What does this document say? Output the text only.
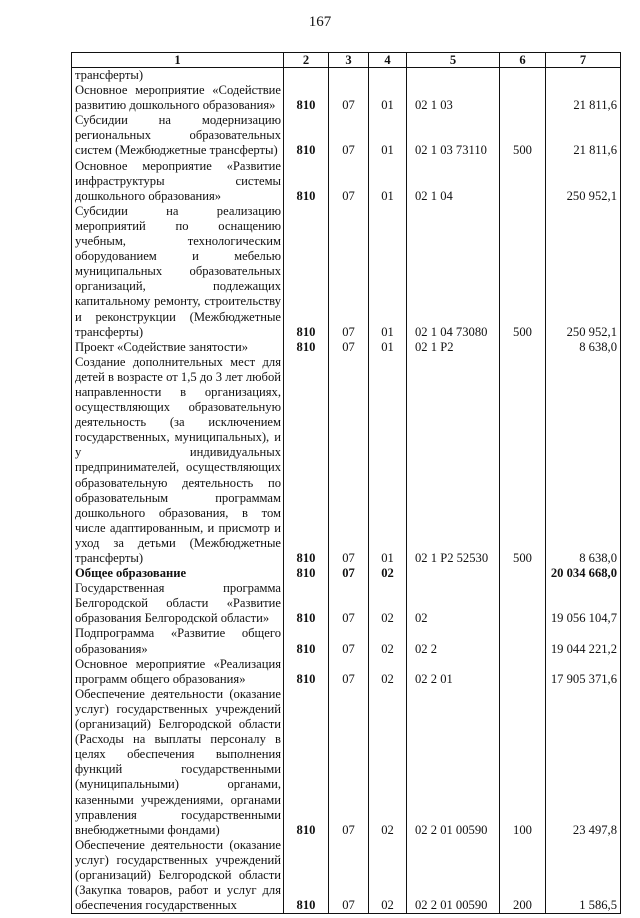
167
1	2	3	4	5	6	7
трансферты)						
Основное мероприятие «Содействие развитию дошкольного образования»	810	07	01	02 1 03		21 811,6
Субсидии на модернизацию региональных образовательных систем (Межбюджетные трансферты)	810	07	01	02 1 03 73110	500	21 811,6
Основное мероприятие «Развитие инфраструктуры системы дошкольного образования»	810	07	01	02 1 04		250 952,1
Субсидии на реализацию мероприятий по оснащению учебным, технологическим оборудованием и мебелью муниципальных образовательных организаций, подлежащих капитальному ремонту, строительству и реконструкции (Межбюджетные трансферты)	810	07	01	02 1 04 73080	500	250 952,1
Проект «Содействие занятости»	810	07	01	02 1 P2		8 638,0
Создание дополнительных мест для детей в возрасте от 1,5 до 3 лет любой направленности в организациях, осуществляющих образовательную деятельность (за исключением государственных, муниципальных), и у индивидуальных предпринимателей, осуществляющих образовательную деятельность по образовательным программам дошкольного образования, в том числе адаптированным, и присмотр и уход за детьми (Межбюджетные трансферты)	810	07	01	02 1 P2 52530	500	8 638,0
Общее образование	810	07	02			20 034 668,0
Государственная программа Белгородской области «Развитие образования Белгородской области»	810	07	02	02		19 056 104,7
Подпрограмма «Развитие общего образования»	810	07	02	02 2		19 044 221,2
Основное мероприятие «Реализация программ общего образования»	810	07	02	02 2 01		17 905 371,6
Обеспечение деятельности (оказание услуг) государственных учреждений (организаций) Белгородской области (Расходы на выплаты персоналу в целях обеспечения выполнения функций государственными (муниципальными) органами, казенными учреждениями, органами управления государственными внебюджетными фондами)	810	07	02	02 2 01 00590	100	23 497,8
Обеспечение деятельности (оказание услуг) государственных учреждений (организаций) Белгородской области (Закупка товаров, работ и услуг для обеспечения государственных	810	07	02	02 2 01 00590	200	1 586,5
